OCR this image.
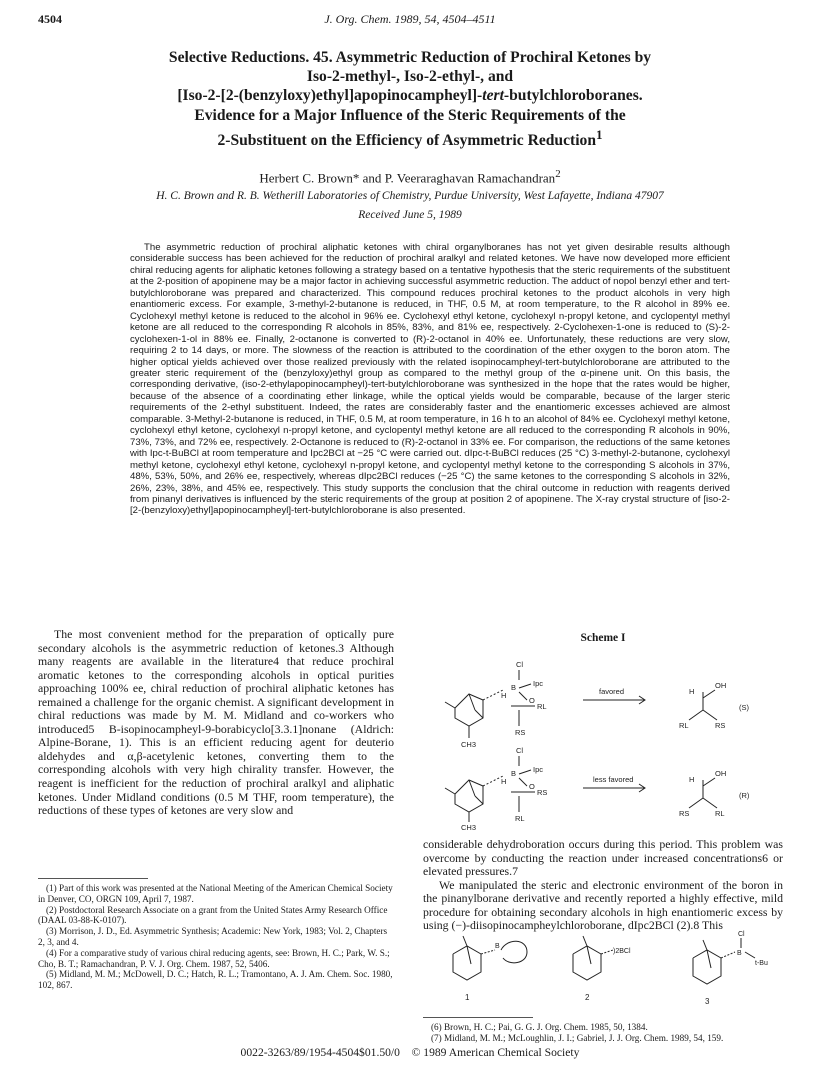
4504	J. Org. Chem. 1989, 54, 4504–4511
Selective Reductions. 45. Asymmetric Reduction of Prochiral Ketones by
Iso-2-methyl-, Iso-2-ethyl-, and
[Iso-2-[2-(benzyloxy)ethyl]apopinocampheyl]-tert-butylchloroboranes.
Evidence for a Major Influence of the Steric Requirements of the
2-Substituent on the Efficiency of Asymmetric Reduction$^1$
Herbert C. Brown* and P. Veeraraghavan Ramachandran$^2$
H. C. Brown and R. B. Wetherill Laboratories of Chemistry, Purdue University, West Lafayette, Indiana 47907
Received June 5, 1989

The asymmetric reduction of prochiral aliphatic ketones with chiral organylboranes has not yet given desirable results although considerable success has been achieved for the reduction of prochiral aralkyl and related ketones. We have now developed more efficient chiral reducing agents for aliphatic ketones following a strategy based on a tentative hypothesis that the steric requirements of the substituent at the 2-position of apopinene may be a major factor in achieving successful asymmetric reduction. The adduct of nopol benzyl ether and tert-butylchloroborane was prepared and characterized. This compound reduces prochiral ketones to the product alcohols in very high enantiomeric excess. For example, 3-methyl-2-butanone is reduced, in THF, 0.5 M, at room temperature, to the R alcohol in 89% ee. Cyclohexyl methyl ketone is reduced to the alcohol in 96% ee. Cyclohexyl ethyl ketone, cyclohexyl n-propyl ketone, and cyclopentyl methyl ketone are all reduced to the corresponding R alcohols in 85%, 83%, and 81% ee, respectively. 2-Cyclohexen-1-one is reduced to (S)-2-cyclohexen-1-ol in 88% ee. Finally, 2-octanone is converted to (R)-2-octanol in 40% ee. Unfortunately, these reductions are very slow, requiring 2 to 14 days, or more. The slowness of the reaction is attributed to the coordination of the ether oxygen to the boron atom. The higher optical yields achieved over those realized previously with the related isopinocampheyl-tert-butylchloroborane are attributed to the greater steric requirement of the (benzyloxy)ethyl group as compared to the methyl group of the α-pinene unit. On this basis, the corresponding derivative, (iso-2-ethylapopinocampheyl)-tert-butylchloroborane was synthesized in the hope that the rates would be higher, because of the absence of a coordinating ether linkage, while the optical yields would be comparable, because of the larger steric requirements of the 2-ethyl substituent. Indeed, the rates are considerably faster and the enantiomeric excesses achieved are almost comparable. 3-Methyl-2-butanone is reduced, in THF, 0.5 M, at room temperature, in 16 h to an alcohol of 84% ee. Cyclohexyl methyl ketone, cyclohexyl ethyl ketone, cyclohexyl n-propyl ketone, and cyclopentyl methyl ketone are all reduced to the corresponding R alcohols in 90%, 73%, 73%, and 72% ee, respectively. 2-Octanone is reduced to (R)-2-octanol in 33% ee. For comparison, the reductions of the same ketones with Ipc-t-BuBCl at room temperature and Ipc2BCl at −25 °C were carried out. dIpc-t-BuBCl reduces (25 °C) 3-methyl-2-butanone, cyclohexyl methyl ketone, cyclohexyl ethyl ketone, cyclohexyl n-propyl ketone, and cyclopentyl methyl ketone to the corresponding S alcohols in 37%, 48%, 53%, 50%, and 26% ee, respectively, whereas dIpc2BCl reduces (−25 °C) the same ketones to the corresponding S alcohols in 32%, 26%, 23%, 38%, and 45% ee, respectively. This study supports the conclusion that the chiral outcome in reduction with reagents derived from pinanyl derivatives is influenced by the steric requirements of the group at position 2 of apopinene. The X-ray crystal structure of [iso-2-[2-(benzyloxy)ethyl]apopinocampheyl]-tert-butylchloroborane is also presented.

The most convenient method for the preparation of optically pure secondary alcohols is the asymmetric reduction of ketones.3 Although many reagents are available in the literature4 that reduce prochiral aromatic ketones to the corresponding alcohols in optical purities approaching 100% ee, chiral reduction of prochiral aliphatic ketones has remained a challenge for the organic chemist. A significant development in chiral reductions was made by M. M. Midland and co-workers who introduced5 B-isopinocampheyl-9-borabicyclo[3.3.1]nonane (Aldrich: Alpine-Borane, 1). This is an efficient reducing agent for deuterio aldehydes and α,β-acetylenic ketones, converting them to the corresponding alcohols with very high chirality transfer. However, the reagent is inefficient for the reduction of prochiral aralkyl and aliphatic ketones. Under Midland conditions (0.5 M THF, room temperature), the reductions of these types of ketones are very slow and

(1) Part of this work was presented at the National Meeting of the American Chemical Society in Denver, CO, ORGN 109, April 7, 1987.

(2) Postdoctoral Research Associate on a grant from the United States Army Research Office (DAAL 03-88-K-0107).

(3) Morrison, J. D., Ed. Asymmetric Synthesis; Academic: New York, 1983; Vol. 2, Chapters 2, 3, and 4.

(4) For a comparative study of various chiral reducing agents, see: Brown, H. C.; Park, W. S.; Cho, B. T.; Ramachandran, P. V. J. Org. Chem. 1987, 52, 5406.

(5) Midland, M. M.; McDowell, D. C.; Hatch, R. L.; Tramontano, A. J. Am. Chem. Soc. 1980, 102, 867.

Scheme I
Cl
B Ipc
O
H
RL
CH3
RS
favored	H
OH
RL	RS
(S)
Cl
B Ipc
O
H
RS
CH3
RL
less favored	H
OH
RS	RL
(R)

considerable dehydroboration occurs during this period. This problem was overcome by conducting the reaction under increased concentrations6 or elevated pressures.7

We manipulated the steric and electronic environment of the boron in the pinanylborane derivative and recently reported a highly effective, mild procedure for obtaining secondary alcohols in high enantiomeric excess by using (−)-diisopinocampheylchloroborane, dIpc2BCl (2).8 This

B
)2BCl	B
Cl
t-Bu
1	2	3

(6) Brown, H. C.; Pai, G. G. J. Org. Chem. 1985, 50, 1384.

(7) Midland, M. M.; McLoughlin, J. I.; Gabriel, J. J. Org. Chem. 1989, 54, 159.

0022-3263/89/1954-4504$01.50/0 © 1989 American Chemical Society
